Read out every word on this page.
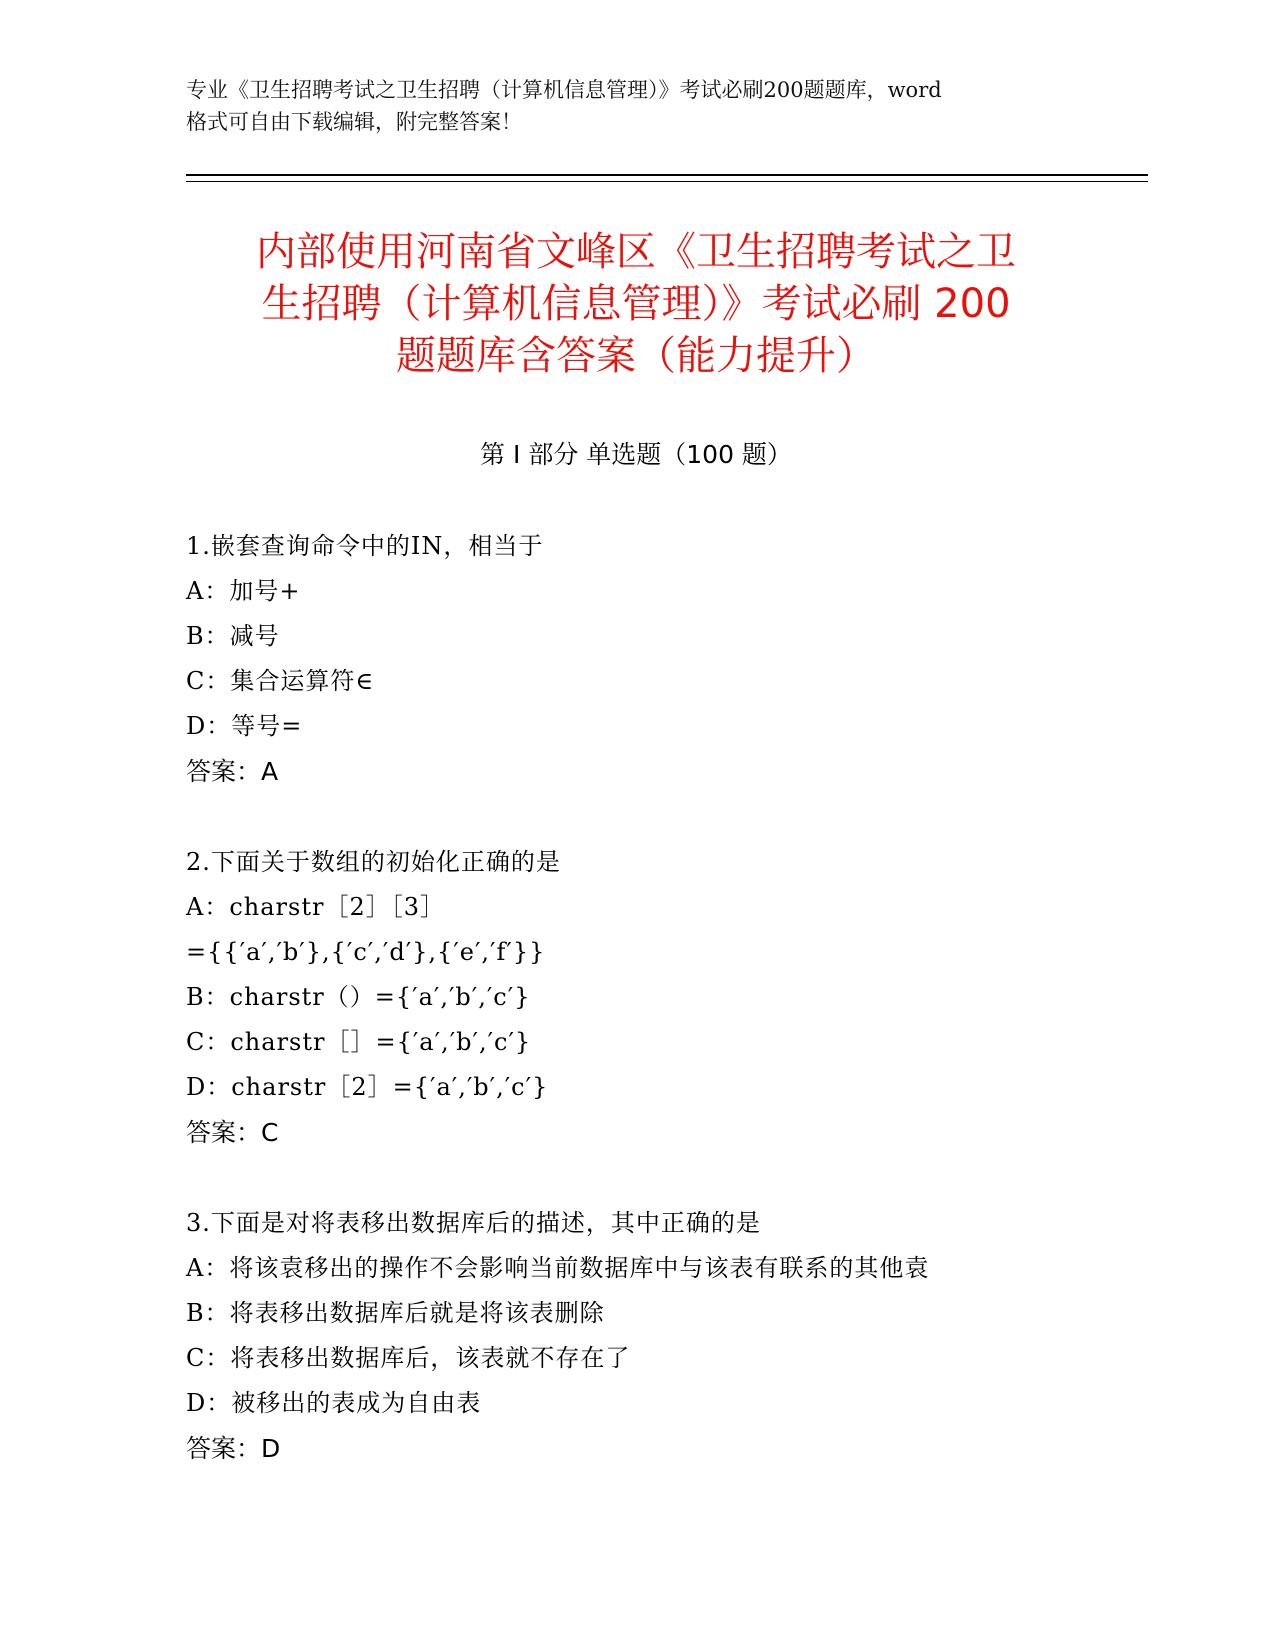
专业《卫生招聘考试之卫生招聘（计算机信息管理）》考试必刷200题题库，word
格式可自由下载编辑，附完整答案！
内部使用河南省文峰区《卫生招聘考试之卫
生招聘（计算机信息管理）》考试必刷 200
题题库含答案（能力提升）
第 I 部分 单选题（100 题）
1.嵌套查询命令中的IN，相当于
A：加号+
B：减号
C：集合运算符∈
D：等号=
答案：A
2.下面关于数组的初始化正确的是
A：charstr［2］［3］
={{′a′,′b′},{′c′,′d′},{′e′,′f′}}
B：charstr（）={′a′,′b′,′c′}
C：charstr［］={′a′,′b′,′c′}
D：charstr［2］={′a′,′b′,′c′}
答案：C
3.下面是对将表移出数据库后的描述，其中正确的是
A：将该袁移出的操作不会影响当前数据库中与该表有联系的其他袁
B：将表移出数据库后就是将该表删除
C：将表移出数据库后，该表就不存在了
D：被移出的表成为自由表
答案：D
